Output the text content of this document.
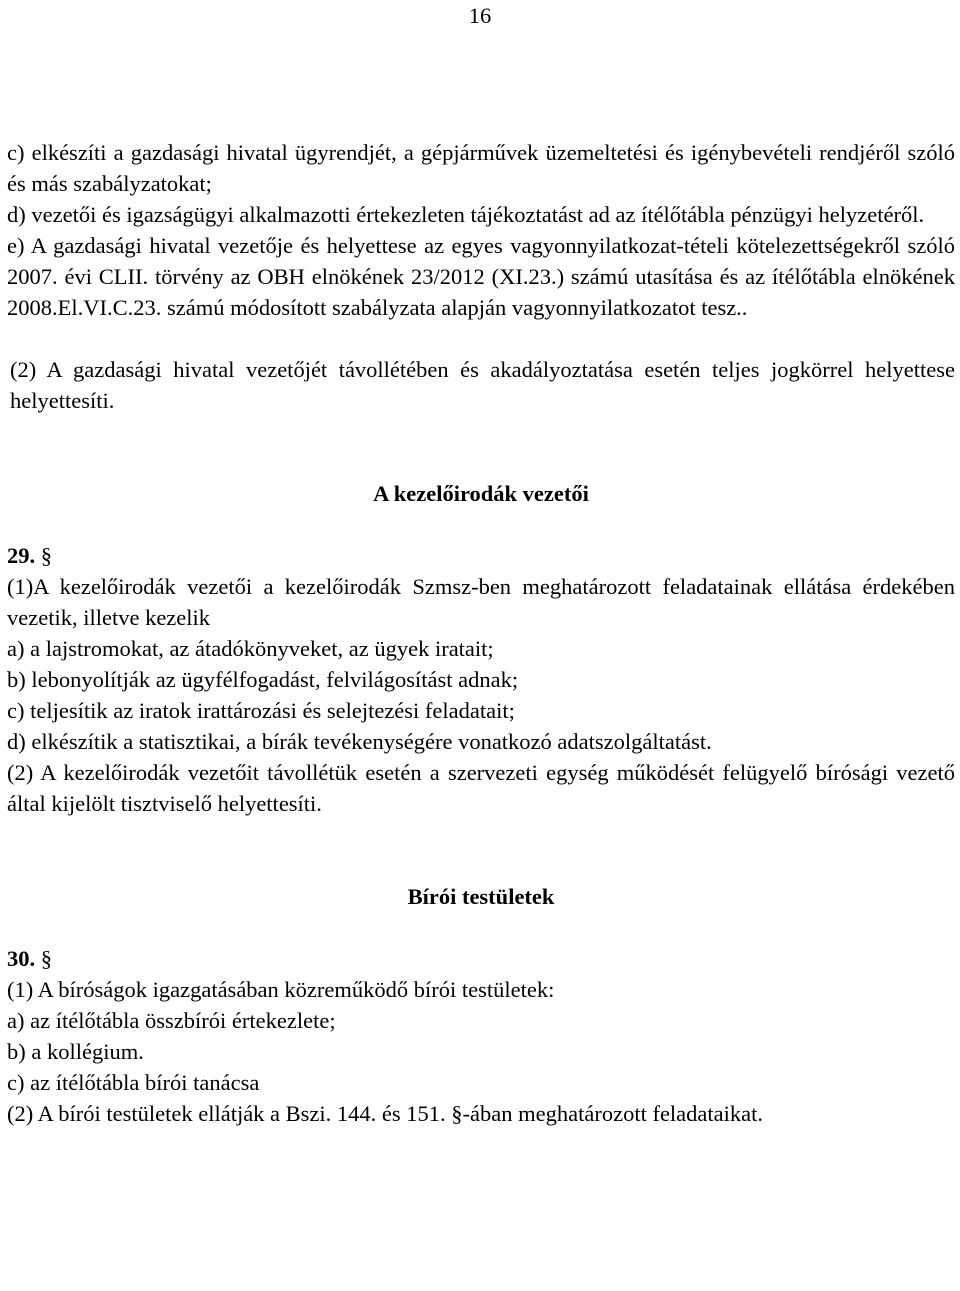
16

c) elkészíti a gazdasági hivatal ügyrendjét, a gépjárművek üzemeltetési és igénybevételi rendjéről szóló és más szabályzatokat;

d) vezetői és igazságügyi alkalmazotti értekezleten tájékoztatást ad az ítélőtábla pénzügyi helyzetéről.

e) A gazdasági hivatal vezetője és helyettese az egyes vagyonnyilatkozat-tételi kötelezettségekről szóló 2007. évi CLII. törvény az OBH elnökének 23/2012 (XI.23.) számú utasítása és az ítélőtábla elnökének 2008.El.VI.C.23. számú módosított szabályzata alapján vagyonnyilatkozatot tesz..

(2) A gazdasági hivatal vezetőjét távollétében és akadályoztatása esetén teljes jogkörrel helyettese helyettesíti.

A kezelőirodák vezetői

29. §

(1)A kezelőirodák vezetői a kezelőirodák Szmsz-ben meghatározott feladatainak ellátása érdekében vezetik, illetve kezelik

a) a lajstromokat, az átadókönyveket, az ügyek iratait;

b) lebonyolítják az ügyfélfogadást, felvilágosítást adnak;

c) teljesítik az iratok irattározási és selejtezési feladatait;

d) elkészítik a statisztikai, a bírák tevékenységére vonatkozó adatszolgáltatást.

(2) A kezelőirodák vezetőit távollétük esetén a szervezeti egység működését felügyelő bírósági vezető által kijelölt tisztviselő helyettesíti.

Bírói testületek

30. §

(1) A bíróságok igazgatásában közreműködő bírói testületek:

a) az ítélőtábla összbírói értekezlete;

b) a kollégium.

c) az ítélőtábla bírói tanácsa

(2) A bírói testületek ellátják a Bszi. 144. és 151. §-ában meghatározott feladataikat.
